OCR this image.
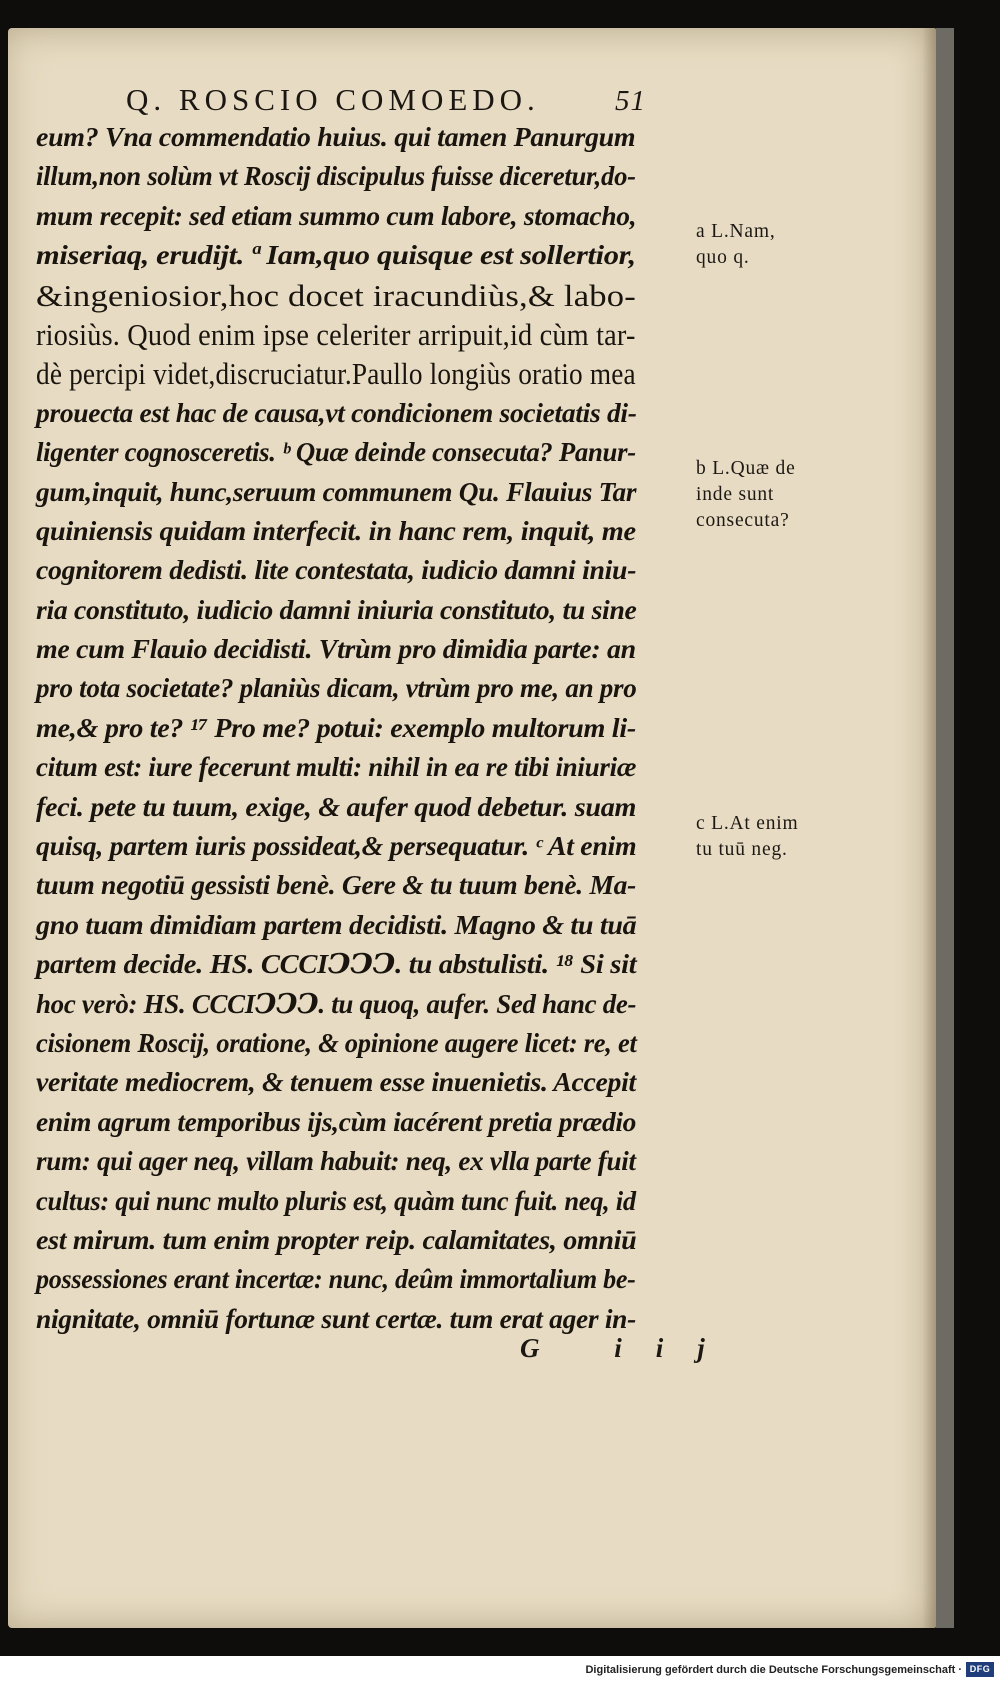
Q. ROSCIO COMOEDO.	51
eum? Vna commendatio huius. qui tamen Panurgum
illum,non solùm vt Roscij discipulus fuisse diceretur,do-
mum recepit: sed etiam summo cum labore, stomacho,
miseriaq, erudijt. ª Iam,quo quisque est sollertior,
&ingeniosior,hoc docet iracundiùs,& labo-
riosiùs. Quod enim ipse celeriter arripuit,id cùm tar-
dè percipi videt,discruciatur.Paullo longiùs oratio mea
prouecta est hac de causa,vt condicionem societatis di-
ligenter cognosceretis. ᵇ Quæ deinde consecuta? Panur-
gum,inquit, hunc,seruum communem Qu. Flauius Tar
quiniensis quidam interfecit. in hanc rem, inquit, me
cognitorem dedisti. lite contestata, iudicio damni iniu-
ria constituto, iudicio damni iniuria constituto, tu sine
me cum Flauio decidisti. Vtrùm pro dimidia parte: an
pro tota societate? planiùs dicam, vtrùm pro me, an pro
me,& pro te? ¹⁷ Pro me? potui: exemplo multorum li-
citum est: iure fecerunt multi: nihil in ea re tibi iniuriæ
feci. pete tu tuum, exige, & aufer quod debetur. suam
quisq, partem iuris possideat,& persequatur. ᶜ At enim
tuum negotiū gessisti benè. Gere & tu tuum benè. Ma-
gno tuam dimidiam partem decidisti. Magno & tu tuā
partem decide. HS. CCCIↃↃↃ. tu abstulisti. ¹⁸ Si sit
hoc verò: HS. CCCIↃↃↃ. tu quoq, aufer. Sed hanc de-
cisionem Roscij, oratione, & opinione augere licet: re, et
veritate mediocrem, & tenuem esse inuenietis. Accepit
enim agrum temporibus ijs,cùm iacérent pretia prædio
rum: qui ager neq, villam habuit: neq, ex vlla parte fuit
cultus: qui nunc multo pluris est, quàm tunc fuit. neq, id
est mirum. tum enim propter reip. calamitates, omniū
possessiones erant incertæ: nunc, deûm immortalium be-
nignitate, omniū fortunæ sunt certæ. tum erat ager in-
a L.Nam,
quo q.
b L.Quæ de
inde sunt
consecuta?
c L.At enim
tu tuū neg.
G iij
Digitalisierung gefördert durch die Deutsche Forschungsgemeinschaft · DFG
